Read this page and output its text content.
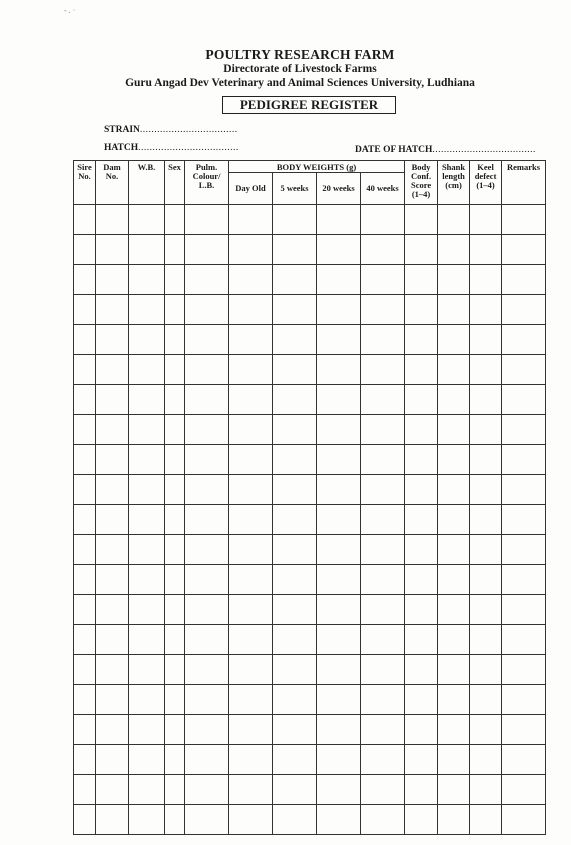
- . ·
POULTRY RESEARCH FARM
Directorate of Livestock Farms
Guru Angad Dev Veterinary and Animal Sciences University, Ludhiana
PEDIGREE REGISTER
STRAIN..................................
HATCH...................................	DATE OF HATCH....................................
Sire No.	Dam No.	W.B.	Sex	Pulm. Colour/ L.B.	BODY WEIGHTS (g)				Body Conf. Score (1–4)	Shank length (cm)	Keel defect (1–4)	Remarks
					Day Old	5 weeks	20 weeks	40 weeks				
